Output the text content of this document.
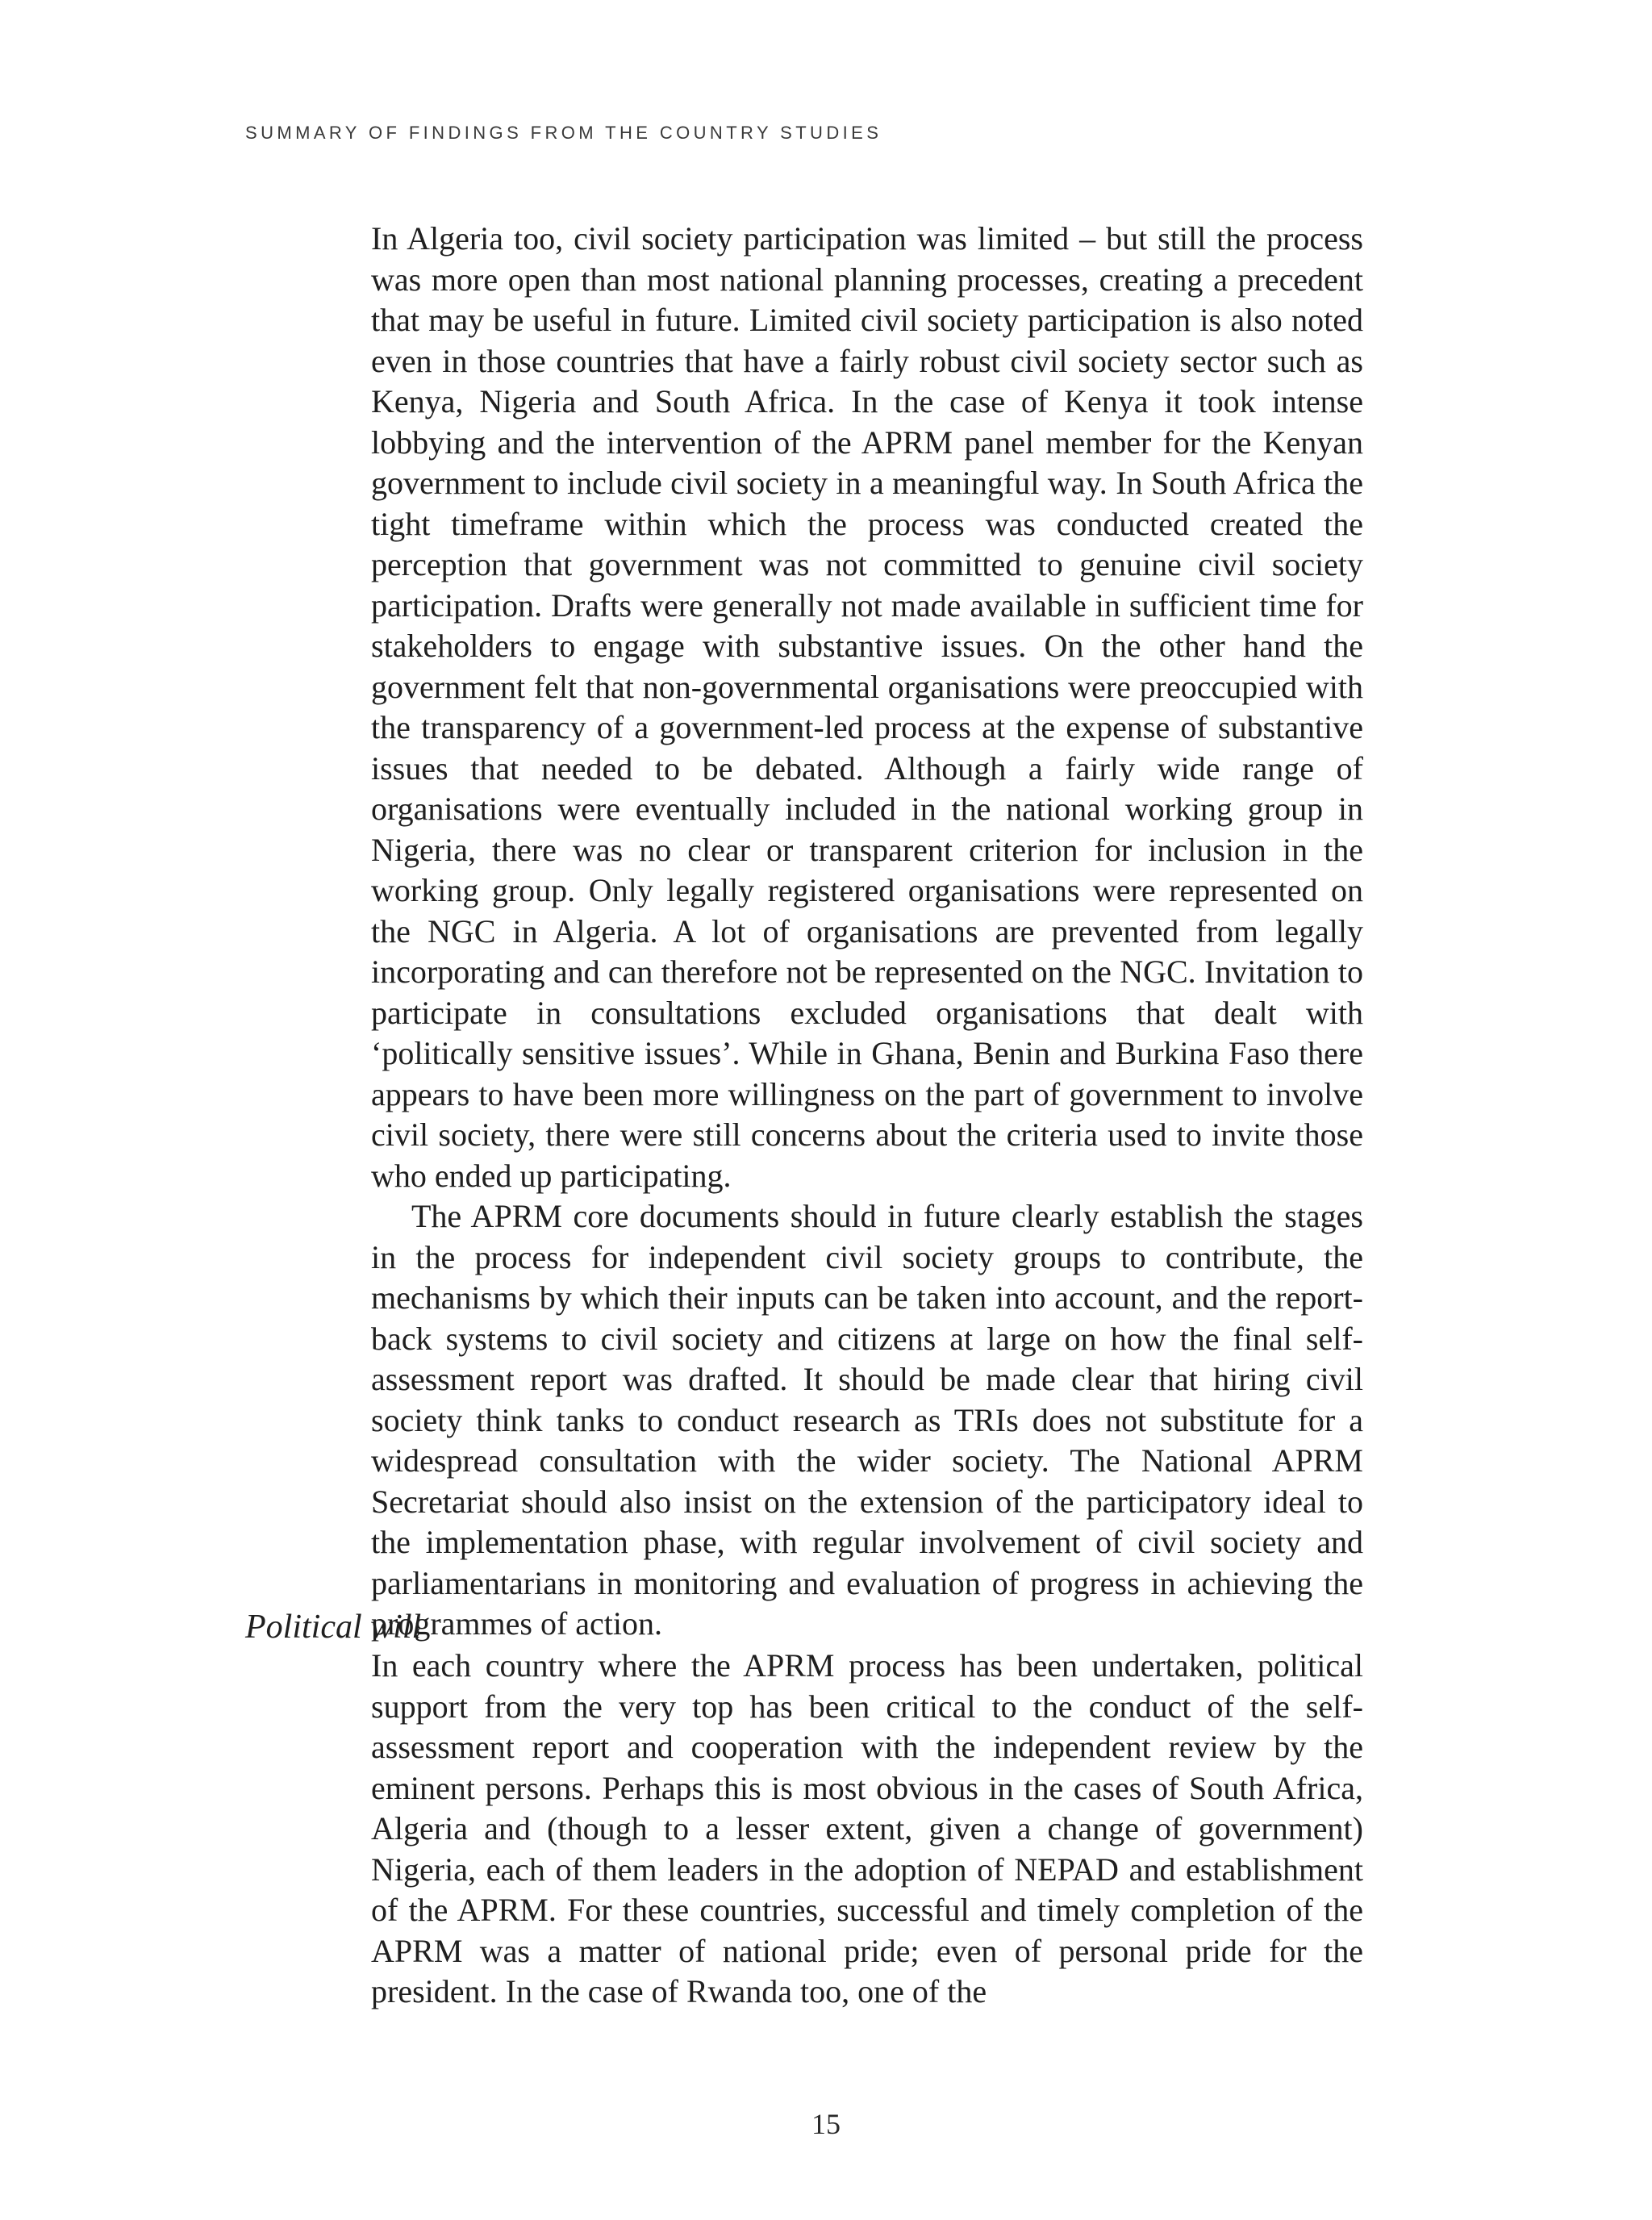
SUMMARY OF FINDINGS FROM THE COUNTRY STUDIES

In Algeria too, civil society participation was limited – but still the process was more open than most national planning processes, creating a precedent that may be useful in future. Limited civil society participation is also noted even in those countries that have a fairly robust civil society sector such as Kenya, Nigeria and South Africa. In the case of Kenya it took intense lobbying and the intervention of the APRM panel member for the Kenyan government to include civil society in a meaningful way. In South Africa the tight timeframe within which the process was conducted created the perception that government was not committed to genuine civil society participation. Drafts were generally not made available in sufficient time for stakeholders to engage with substantive issues. On the other hand the government felt that non-governmental organisations were preoccupied with the transparency of a government-led process at the expense of substantive issues that needed to be debated. Although a fairly wide range of organisations were eventually included in the national working group in Nigeria, there was no clear or transparent criterion for inclusion in the working group. Only legally registered organisations were represented on the NGC in Algeria. A lot of organisations are prevented from legally incorporating and can therefore not be represented on the NGC. Invitation to participate in consultations excluded organisations that dealt with ‘politically sensitive issues’. While in Ghana, Benin and Burkina Faso there appears to have been more willingness on the part of government to involve civil society, there were still concerns about the criteria used to invite those who ended up participating.

The APRM core documents should in future clearly establish the stages in the process for independent civil society groups to contribute, the mechanisms by which their inputs can be taken into account, and the report-back systems to civil society and citizens at large on how the final self-assessment report was drafted. It should be made clear that hiring civil society think tanks to conduct research as TRIs does not substitute for a widespread consultation with the wider society. The National APRM Secretariat should also insist on the extension of the participatory ideal to the implementation phase, with regular involvement of civil society and parliamentarians in monitoring and evaluation of progress in achieving the programmes of action.

Political will

In each country where the APRM process has been undertaken, political support from the very top has been critical to the conduct of the self-assessment report and cooperation with the independent review by the eminent persons. Perhaps this is most obvious in the cases of South Africa, Algeria and (though to a lesser extent, given a change of government) Nigeria, each of them leaders in the adoption of NEPAD and establishment of the APRM. For these countries, successful and timely completion of the APRM was a matter of national pride; even of personal pride for the president. In the case of Rwanda too, one of the

15
